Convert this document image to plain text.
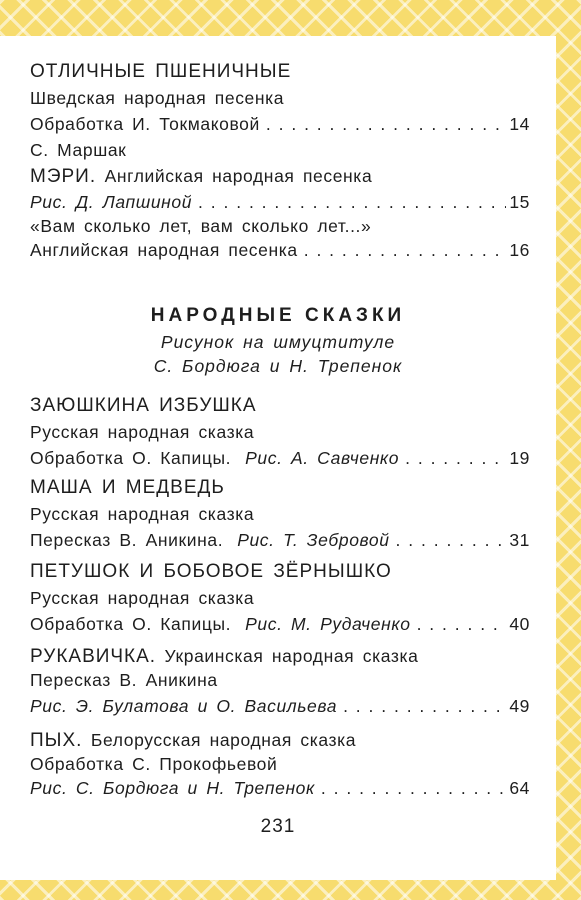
ОТЛИЧНЫЕ ПШЕНИЧНЫЕ
Шведская народная песенка
Обработка И. Токмаковой . . .	14
С. Маршак
МЭРИ. Английская народная песенка
Рис. Д. Лапшиной . . .	15
«Вам сколько лет, вам сколько лет...»
Английская народная песенка . . .	16
НАРОДНЫЕ СКАЗКИ
Рисунок на шмуцтитуле
С. Бордюга и Н. Трепенок
ЗАЮШКИНА ИЗБУШКА
Русская народная сказка
Обработка О. Капицы. Рис. А. Савченко . . .	19
МАША И МЕДВЕДЬ
Русская народная сказка
Пересказ В. Аникина. Рис. Т. Зебровой . . .	31
ПЕТУШОК И БОБОВОЕ ЗЁРНЫШКО
Русская народная сказка
Обработка О. Капицы. Рис. М. Рудаченко . . .	40
РУКАВИЧКА. Украинская народная сказка
Пересказ В. Аникина
Рис. Э. Булатова и О. Васильева . . .	49
ПЫХ. Белорусская народная сказка
Обработка С. Прокофьевой
Рис. С. Бордюга и Н. Трепенок . . .	64
231
